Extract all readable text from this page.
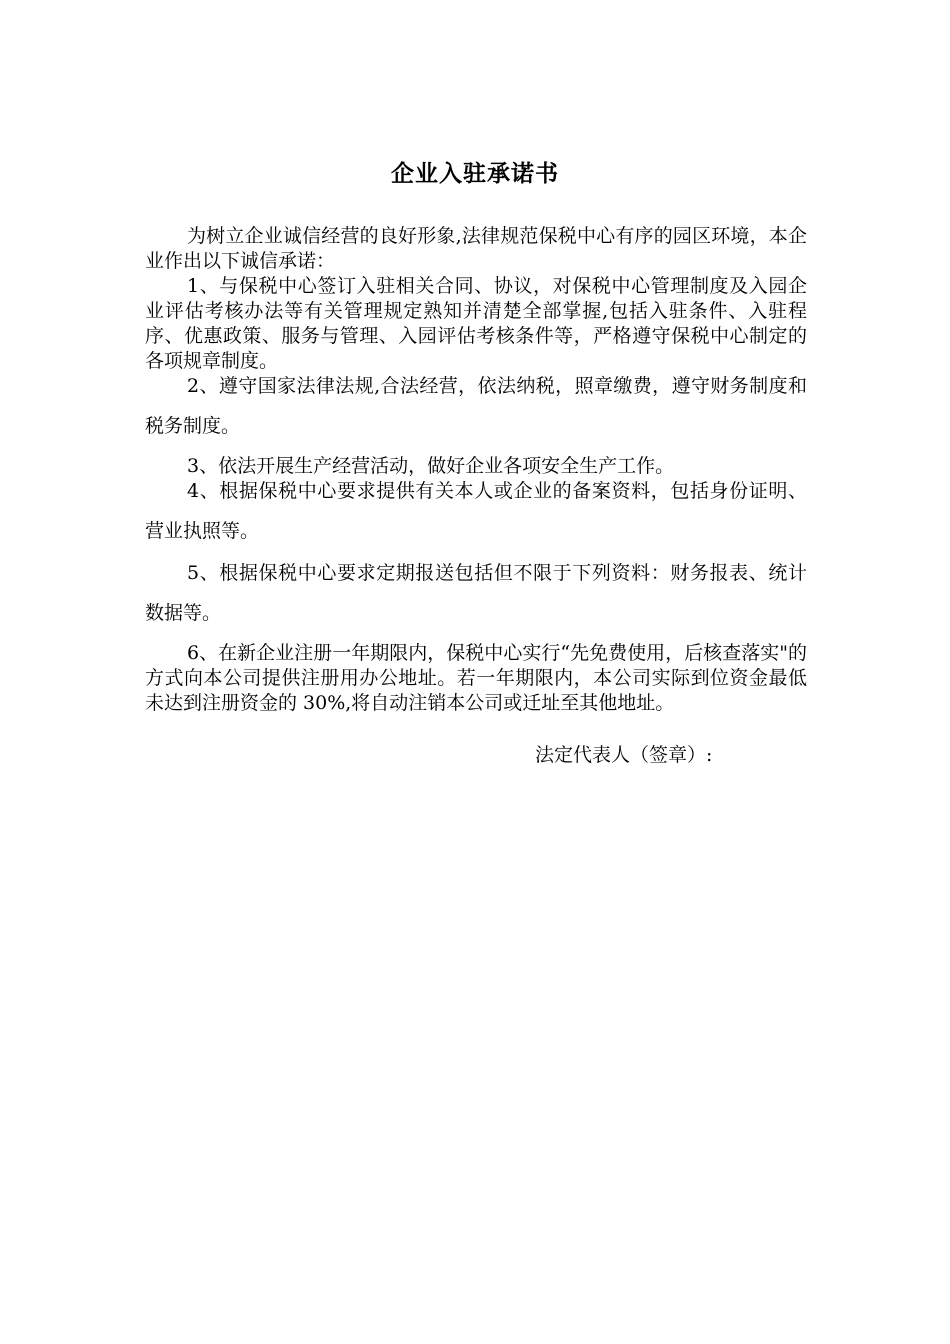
企业入驻承诺书

为树立企业诚信经营的良好形象,法律规范保税中心有序的园区环境，本企业作出以下诚信承诺：

1、与保税中心签订入驻相关合同、协议，对保税中心管理制度及入园企业评估考核办法等有关管理规定熟知并清楚全部掌握,包括入驻条件、入驻程序、优惠政策、服务与管理、入园评估考核条件等，严格遵守保税中心制定的各项规章制度。

2、遵守国家法律法规,合法经营，依法纳税，照章缴费，遵守财务制度和税务制度。

3、依法开展生产经营活动，做好企业各项安全生产工作。

4、根据保税中心要求提供有关本人或企业的备案资料，包括身份证明、营业执照等。

5、根据保税中心要求定期报送包括但不限于下列资料：财务报表、统计数据等。

6、在新企业注册一年期限内，保税中心实行“先免费使用，后核查落实"的方式向本公司提供注册用办公地址。若一年期限内，本公司实际到位资金最低未达到注册资金的 30%,将自动注销本公司或迁址至其他地址。

法定代表人（签章）:
